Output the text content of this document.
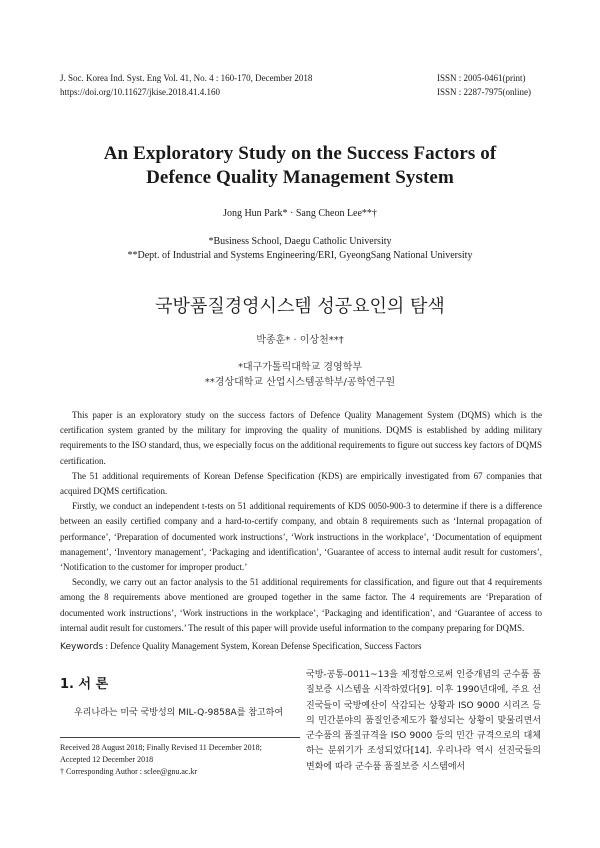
J. Soc. Korea Ind. Syst. Eng Vol. 41, No. 4 : 160-170, December 2018
https://doi.org/10.11627/jkise.2018.41.4.160
ISSN : 2005-0461(print)
ISSN : 2287-7975(online)
An Exploratory Study on the Success Factors of
Defence Quality Management System
Jong Hun Park* · Sang Cheon Lee**†
*Business School, Daegu Catholic University
**Dept. of Industrial and Systems Engineering/ERI, GyeongSang National University
국방품질경영시스템 성공요인의 탐색
박종훈* · 이상천**†
*대구가톨릭대학교 경영학부
**경상대학교 산업시스템공학부/공학연구원

This paper is an exploratory study on the success factors of Defence Quality Management System (DQMS) which is the certification system granted by the military for improving the quality of munitions. DQMS is established by adding military requirements to the ISO standard, thus, we especially focus on the additional requirements to figure out success key factors of DQMS certification.

The 51 additional requirements of Korean Defense Specification (KDS) are empirically investigated from 67 companies that acquired DQMS certification.

Firstly, we conduct an independent t-tests on 51 additional requirements of KDS 0050-900-3 to determine if there is a difference between an easily certified company and a hard-to-certify company, and obtain 8 requirements such as ‘Internal propagation of performance’, ‘Preparation of documented work instructions’, ‘Work instructions in the workplace’, ‘Documentation of equipment management’, ‘Inventory management’, ‘Packaging and identification’, ‘Guarantee of access to internal audit result for customers’, ‘Notification to the customer for improper product.’

Secondly, we carry out an factor analysis to the 51 additional requirements for classification, and figure out that 4 requirements among the 8 requirements above mentioned are grouped together in the same factor. The 4 requirements are ‘Preparation of documented work instructions’, ‘Work instructions in the workplace’, ‘Packaging and identification’, and ‘Guarantee of access to internal audit result for customers.’ The result of this paper will provide useful information to the company preparing for DQMS.

Keywords : Defence Quality Management System, Korean Defense Specification, Success Factors
1. 서 론

우리나라는 미국 국방성의 MIL-Q-9858A를 참고하여

Received 28 August 2018; Finally Revised 11 December 2018;
Accepted 12 December 2018
† Corresponding Author : sclee@gnu.ac.kr

국방-공통-0011~13을 제정함으로써 인증개념의 군수품 품질보증 시스템을 시작하였다[9]. 이후 1990년대에, 주요 선진국들이 국방예산이 삭감되는 상황과 ISO 9000 시리즈 등의 민간분야의 품질인증제도가 활성되는 상황이 맞물리면서 군수품의 품질규격을 ISO 9000 등의 민간 규격으로의 대체하는 분위기가 조성되었다[14]. 우리나라 역시 선진국들의 변화에 따라 군수품 품질보증 시스템에서
